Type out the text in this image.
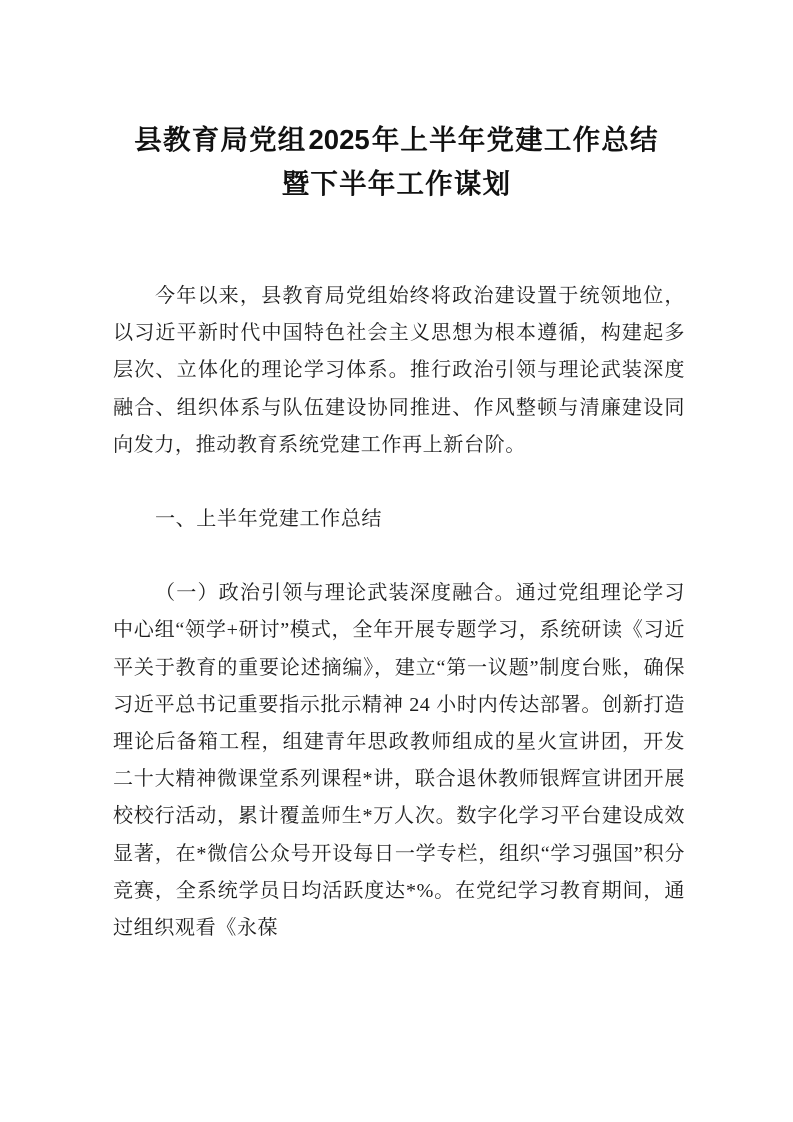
县教育局党组2025年上半年党建工作总结
暨下半年工作谋划

今年以来，县教育局党组始终将政治建设置于统领地位，以习近平新时代中国特色社会主义思想为根本遵循，构建起多层次、立体化的理论学习体系。推行政治引领与理论武装深度融合、组织体系与队伍建设协同推进、作风整顿与清廉建设同向发力，推动教育系统党建工作再上新台阶。

一、上半年党建工作总结

（一）政治引领与理论武装深度融合。通过党组理论学习中心组“领学+研讨”模式，全年开展专题学习，系统研读《习近平关于教育的重要论述摘编》，建立“第一议题”制度台账，确保习近平总书记重要指示批示精神 24 小时内传达部署。创新打造理论后备箱工程，组建青年思政教师组成的星火宣讲团，开发二十大精神微课堂系列课程*讲，联合退休教师银辉宣讲团开展校校行活动，累计覆盖师生*万人次。数字化学习平台建设成效显著，在*微信公众号开设每日一学专栏，组织“学习强国”积分竞赛，全系统学员日均活跃度达*%。在党纪学习教育期间，通过组织观看《永葆
